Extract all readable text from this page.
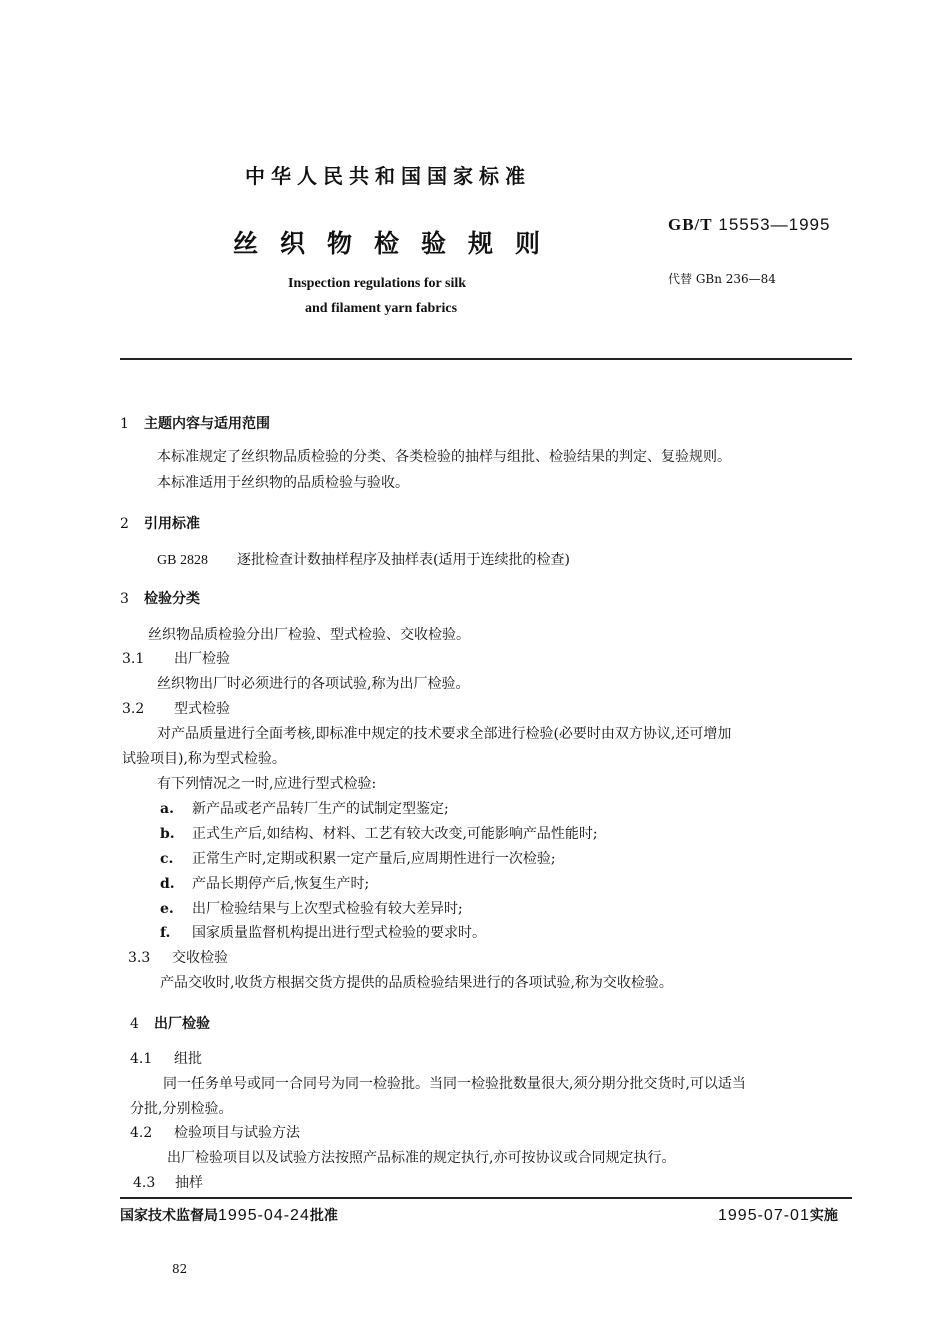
中华人民共和国国家标准
丝织物检验规则
Inspection regulations for silk
and filament yarn fabrics
GB/T 15553—1995
代替 GBn 236—84
1 主题内容与适用范围
本标准规定了丝织物品质检验的分类、各类检验的抽样与组批、检验结果的判定、复验规则。
本标准适用于丝织物的品质检验与验收。
2 引用标准
GB 2828 逐批检查计数抽样程序及抽样表(适用于连续批的检查)
3 检验分类
丝织物品质检验分出厂检验、型式检验、交收检验。
3.1 出厂检验
丝织物出厂时必须进行的各项试验,称为出厂检验。
3.2 型式检验
对产品质量进行全面考核,即标准中规定的技术要求全部进行检验(必要时由双方协议,还可增加
试验项目),称为型式检验。
有下列情况之一时,应进行型式检验:
a. 新产品或老产品转厂生产的试制定型鉴定;
b. 正式生产后,如结构、材料、工艺有较大改变,可能影响产品性能时;
c. 正常生产时,定期或积累一定产量后,应周期性进行一次检验;
d. 产品长期停产后,恢复生产时;
e. 出厂检验结果与上次型式检验有较大差异时;
f. 国家质量监督机构提出进行型式检验的要求时。
3.3 交收检验
产品交收时,收货方根据交货方提供的品质检验结果进行的各项试验,称为交收检验。
4 出厂检验
4.1 组批
同一任务单号或同一合同号为同一检验批。当同一检验批数量很大,须分期分批交货时,可以适当
分批,分别检验。
4.2 检验项目与试验方法
出厂检验项目以及试验方法按照产品标准的规定执行,亦可按协议或合同规定执行。
4.3 抽样
国家技术监督局1995-04-24批准	1995-07-01实施
82
